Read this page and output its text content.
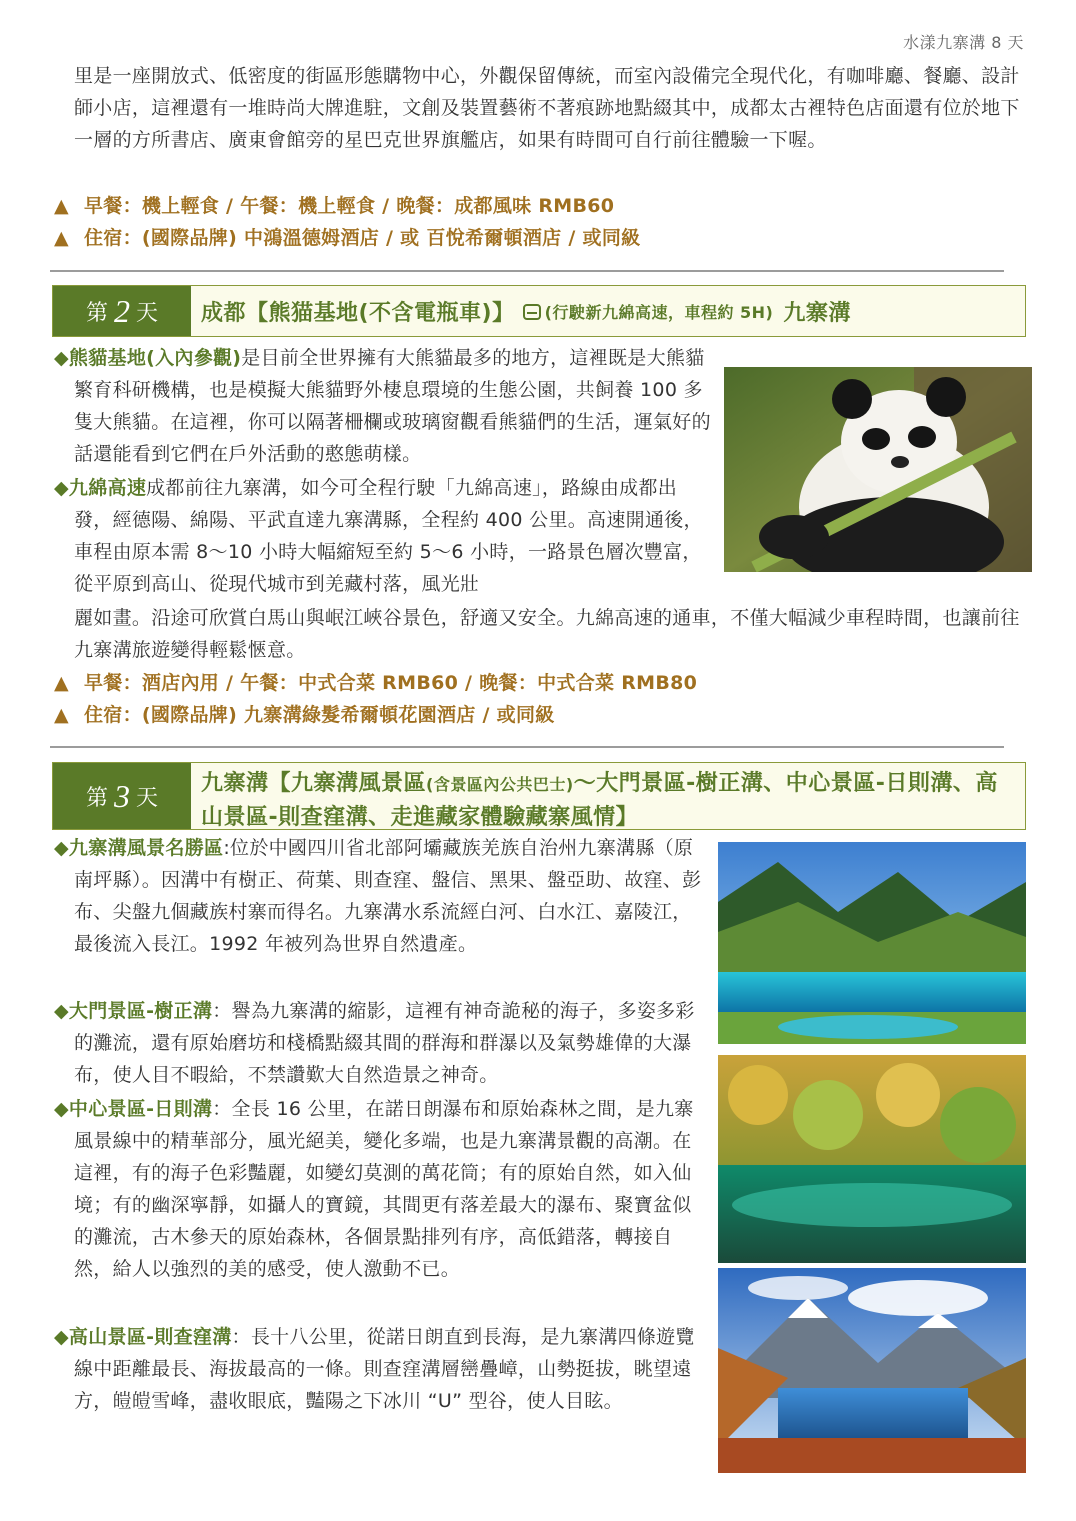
水漾九寨溝 8 天
里是一座開放式、低密度的街區形態購物中心，外觀保留傳統，而室內設備完全現代化，有咖啡廳、餐廳、設計師小店，這裡還有一堆時尚大牌進駐，文創及裝置藝術不著痕跡地點綴其中，成都太古裡特色店面還有位於地下一層的方所書店、廣東會館旁的星巴克世界旗艦店，如果有時間可自行前往體驗一下喔。
▲ 早餐：機上輕食 / 午餐：機上輕食 / 晚餐：成都風味 RMB60
▲ 住宿：(國際品牌) 中鴻溫德姆酒店 / 或 百悅希爾頓酒店 / 或同級
第 2 天 成都【熊猫基地(不含電瓶車)】 (行駛新九綿高速，車程約 5H) 九寨溝
◆熊貓基地(入內參觀)是目前全世界擁有大熊貓最多的地方，這裡既是大熊貓繁育科研機構，也是模擬大熊貓野外棲息環境的生態公園，共飼養 100 多隻大熊貓。在這裡，你可以隔著柵欄或玻璃窗觀看熊貓們的生活，運氣好的話還能看到它們在戶外活動的憨態萌樣。
◆九綿高速成都前往九寨溝，如今可全程行駛「九綿高速」，路線由成都出發，經德陽、綿陽、平武直達九寨溝縣，全程約 400 公里。高速開通後，車程由原本需 8～10 小時大幅縮短至約 5～6 小時，一路景色層次豐富，從平原到高山、從現代城市到羌藏村落，風光壯
麗如畫。沿途可欣賞白馬山與岷江峽谷景色，舒適又安全。九綿高速的通車，不僅大幅減少車程時間，也讓前往九寨溝旅遊變得輕鬆愜意。
▲ 早餐：酒店內用 / 午餐：中式合菜 RMB60 / 晚餐：中式合菜 RMB80
▲ 住宿：(國際品牌) 九寨溝綠髮希爾頓花園酒店 / 或同級
第 3 天
九寨溝【九寨溝風景區(含景區內公共巴士)～大門景區-樹正溝、中心景區-日則溝、高山景區-則查窪溝、走進藏家體驗藏寨風情】
◆九寨溝風景名勝區:位於中國四川省北部阿壩藏族羌族自治州九寨溝縣（原南坪縣）。因溝中有樹正、荷葉、則查窪、盤信、黑果、盤亞助、故窪、彭布、尖盤九個藏族村寨而得名。九寨溝水系流經白河、白水江、嘉陵江，最後流入長江。1992 年被列為世界自然遺產。
◆大門景區-樹正溝：譽為九寨溝的縮影，這裡有神奇詭秘的海子，多姿多彩的灘流，還有原始磨坊和棧橋點綴其間的群海和群瀑以及氣勢雄偉的大瀑布，使人目不暇給，不禁讚歎大自然造景之神奇。
◆中心景區-日則溝：全長 16 公里，在諾日朗瀑布和原始森林之間，是九寨風景線中的精華部分，風光絕美，變化多端，也是九寨溝景觀的高潮。在這裡，有的海子色彩豔麗，如變幻莫測的萬花筒；有的原始自然，如入仙境；有的幽深寧靜，如攝人的寶鏡，其間更有落差最大的瀑布、聚寶盆似的灘流，古木參天的原始森林，各個景點排列有序，高低錯落，轉接自然，給人以強烈的美的感受，使人激動不已。
◆高山景區-則查窪溝：長十八公里，從諾日朗直到長海，是九寨溝四條遊覽線中距離最長、海拔最高的一條。則查窪溝層巒疊嶂，山勢挺拔，眺望遠方，皚皚雪峰，盡收眼底，豔陽之下冰川 “U” 型谷，使人目眩。
